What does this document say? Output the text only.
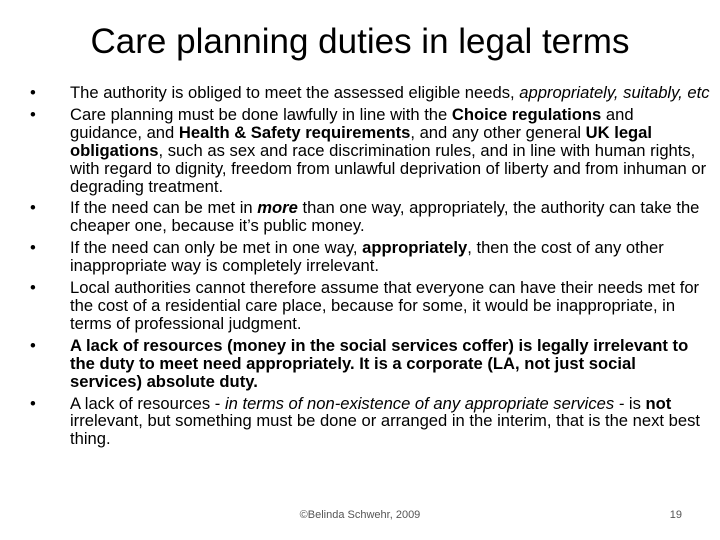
Care planning duties in legal terms
•	The authority is obliged to meet the assessed eligible needs, appropriately, suitably, etc
•	Care planning must be done lawfully in line with the Choice regulations and guidance, and Health & Safety requirements, and any other general UK legal obligations, such as sex and race discrimination rules, and in line with human rights, with regard to dignity, freedom from unlawful deprivation of liberty and from inhuman or degrading treatment.
•	If the need can be met in more than one way, appropriately, the authority can take the cheaper one, because it’s public money.
•	If the need can only be met in one way, appropriately, then the cost of any other inappropriate way is completely irrelevant.
•	Local authorities cannot therefore assume that everyone can have their needs met for the cost of a residential care place, because for some, it would be inappropriate, in terms of professional judgment.
•	A lack of resources (money in the social services coffer) is legally irrelevant to the duty to meet need appropriately. It is a corporate (LA, not just social services) absolute duty.
•	A lack of resources - in terms of non-existence of any appropriate services - is not irrelevant, but something must be done or arranged in the interim, that is the next best thing.
©Belinda Schwehr, 2009	19
